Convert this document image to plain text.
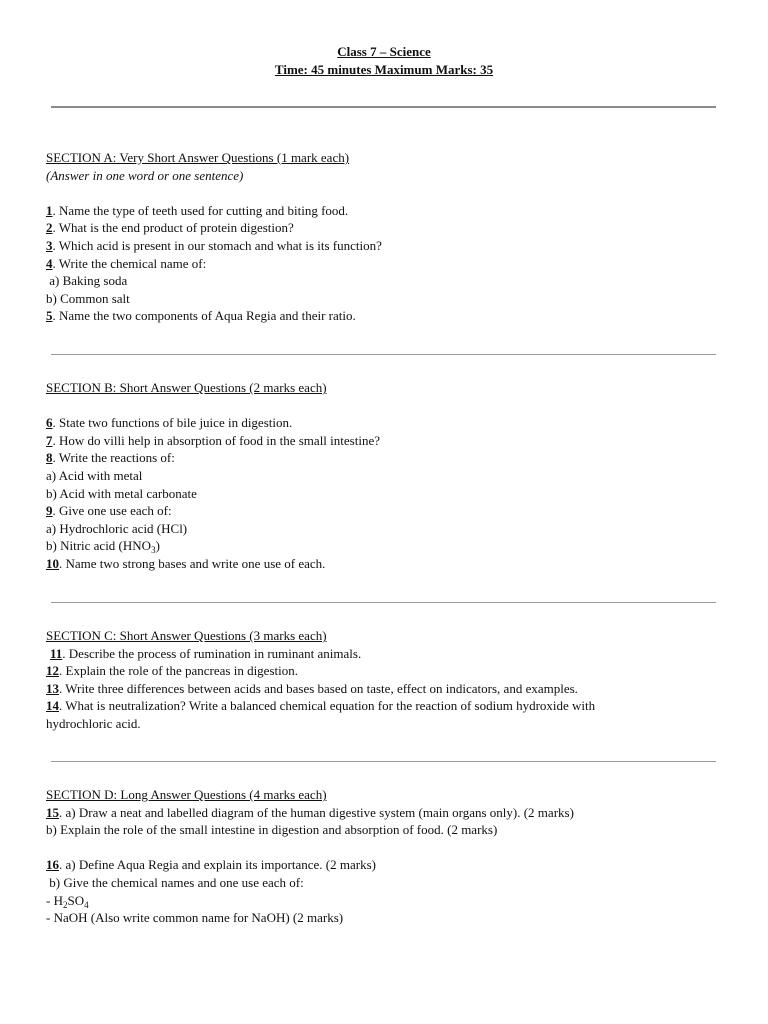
Class 7 – Science
Time: 45 minutes Maximum Marks: 35
SECTION A: Very Short Answer Questions (1 mark each)
(Answer in one word or one sentence)
1. Name the type of teeth used for cutting and biting food.
2. What is the end product of protein digestion?
3. Which acid is present in our stomach and what is its function?
4. Write the chemical name of:
a) Baking soda
b) Common salt
5. Name the two components of Aqua Regia and their ratio.
SECTION B: Short Answer Questions (2 marks each)
6. State two functions of bile juice in digestion.
7. How do villi help in absorption of food in the small intestine?
8. Write the reactions of:
a) Acid with metal
b) Acid with metal carbonate
9. Give one use each of:
a) Hydrochloric acid (HCl)
b) Nitric acid $(HNO_3)$
10. Name two strong bases and write one use of each.
SECTION C: Short Answer Questions (3 marks each)
11. Describe the process of rumination in ruminant animals.
12. Explain the role of the pancreas in digestion.
13. Write three differences between acids and bases based on taste, effect on indicators, and examples.
14. What is neutralization? Write a balanced chemical equation for the reaction of sodium hydroxide with
hydrochloric acid.
SECTION D: Long Answer Questions (4 marks each)
15. a) Draw a neat and labelled diagram of the human digestive system (main organs only). (2 marks)
b) Explain the role of the small intestine in digestion and absorption of food. (2 marks)
16. a) Define Aqua Regia and explain its importance. (2 marks)
b) Give the chemical names and one use each of:
- $H_2SO_4$
- NaOH (Also write common name for NaOH) (2 marks)
